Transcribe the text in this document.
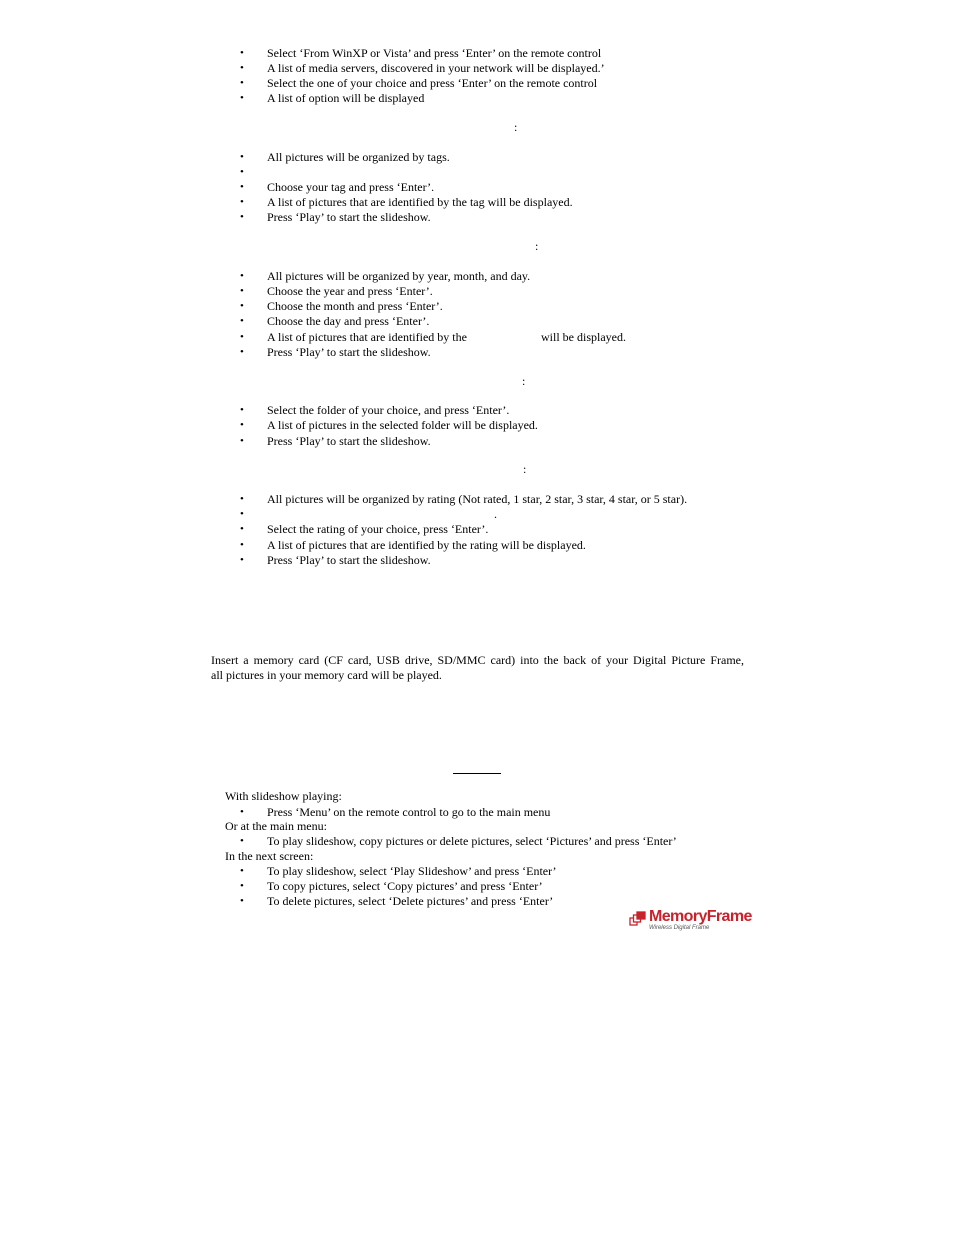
Select ‘From WinXP or Vista’ and press ‘Enter’ on the remote control
A list of media servers, discovered in your network will be displayed.’
Select the one of your choice and press ‘Enter’ on the remote control
A list of option will be displayed
:
All pictures will be organized by tags.
Choose your tag and press ‘Enter’.
A list of pictures that are identified by the tag will be displayed.
Press ‘Play’ to start the slideshow.
:
All pictures will be organized by year, month, and day.
Choose the year and press ‘Enter’.
Choose the month and press ‘Enter’.
Choose the day and press ‘Enter’.
A list of pictures that are identified by the	will be displayed.
Press ‘Play’ to start the slideshow.
:
Select the folder of your choice, and press ‘Enter’.
A list of pictures in the selected folder will be displayed.
Press ‘Play’ to start the slideshow.
:
All pictures will be organized by rating (Not rated, 1 star, 2 star, 3 star, 4 star, or 5 star).
.
Select the rating of your choice, press ‘Enter’.
A list of pictures that are identified by the rating will be displayed.
Press ‘Play’ to start the slideshow.
Insert a memory card (CF card, USB drive, SD/MMC card) into the back of your Digital Picture Frame,
all pictures in your memory card will be played.
With slideshow playing:
Press ‘Menu’ on the remote control to go to the main menu
Or at the main menu:
To play slideshow, copy pictures or delete pictures, select ‘Pictures’ and press ‘Enter’
In the next screen:
To play slideshow, select ‘Play Slideshow’ and press ‘Enter’
To copy pictures, select ‘Copy pictures’ and press ‘Enter’
To delete pictures, select ‘Delete pictures’ and press ‘Enter’
MemoryFrame
Wireless Digital Frame
